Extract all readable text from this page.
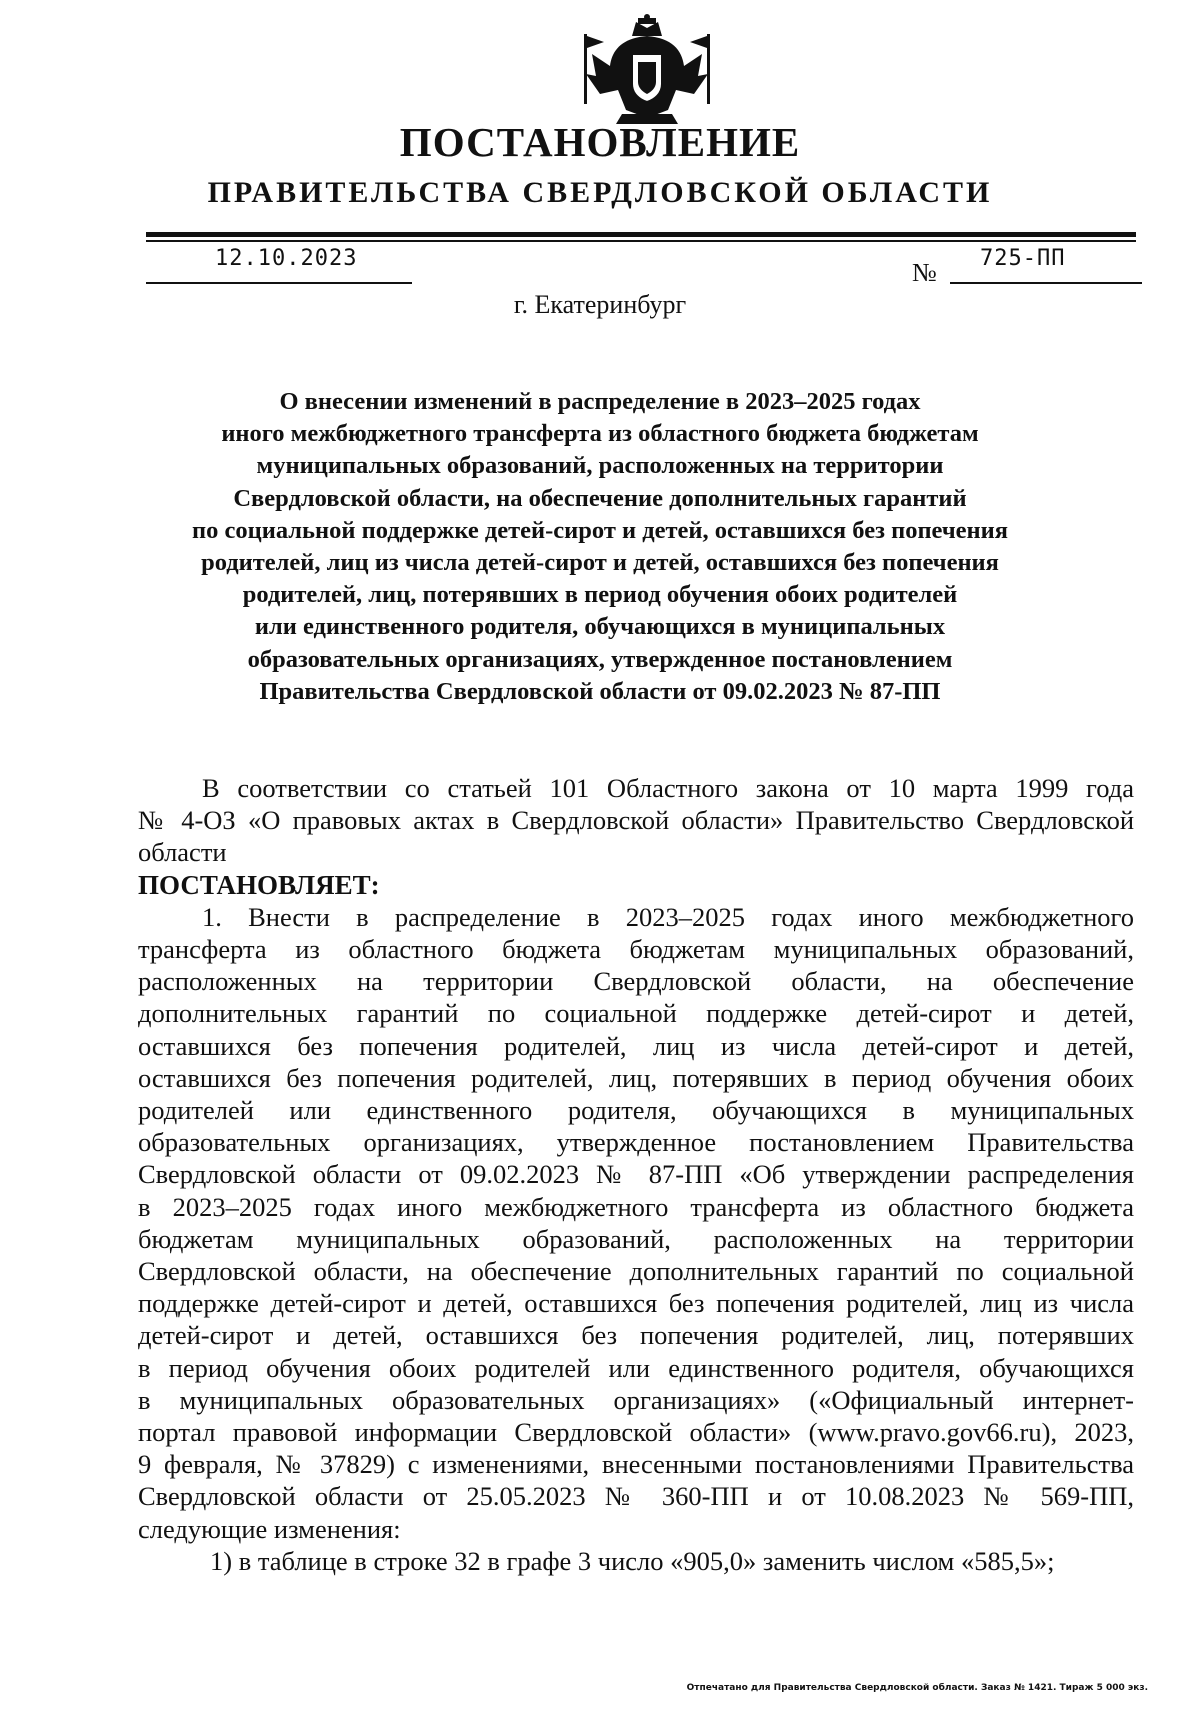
ПОСТАНОВЛЕНИЕ
ПРАВИТЕЛЬСТВА СВЕРДЛОВСКОЙ ОБЛАСТИ
12.10.2023	№ 725-ПП
г. Екатеринбург
О внесении изменений в распределение в 2023–2025 годах
иного межбюджетного трансферта из областного бюджета бюджетам
муниципальных образований, расположенных на территории
Свердловской области, на обеспечение дополнительных гарантий
по социальной поддержке детей-сирот и детей, оставшихся без попечения
родителей, лиц из числа детей-сирот и детей, оставшихся без попечения
родителей, лиц, потерявших в период обучения обоих родителей
или единственного родителя, обучающихся в муниципальных
образовательных организациях, утвержденное постановлением
Правительства Свердловской области от 09.02.2023 № 87-ПП
В соответствии со статьей 101 Областного закона от 10 марта 1999 года
№ 4-ОЗ «О правовых актах в Свердловской области» Правительство Свердловской
области
ПОСТАНОВЛЯЕТ:
1. Внести в распределение в 2023–2025 годах иного межбюджетного
трансферта из областного бюджета бюджетам муниципальных образований,
расположенных на территории Свердловской области, на обеспечение
дополнительных гарантий по социальной поддержке детей-сирот и детей,
оставшихся без попечения родителей, лиц из числа детей-сирот и детей,
оставшихся без попечения родителей, лиц, потерявших в период обучения обоих
родителей или единственного родителя, обучающихся в муниципальных
образовательных организациях, утвержденное постановлением Правительства
Свердловской области от 09.02.2023 № 87-ПП «Об утверждении распределения
в 2023–2025 годах иного межбюджетного трансферта из областного бюджета
бюджетам муниципальных образований, расположенных на территории
Свердловской области, на обеспечение дополнительных гарантий по социальной
поддержке детей-сирот и детей, оставшихся без попечения родителей, лиц из числа
детей-сирот и детей, оставшихся без попечения родителей, лиц, потерявших
в период обучения обоих родителей или единственного родителя, обучающихся
в муниципальных образовательных организациях» («Официальный интернет-
портал правовой информации Свердловской области» (www.pravo.gov66.ru), 2023,
9 февраля, № 37829) с изменениями, внесенными постановлениями Правительства
Свердловской области от 25.05.2023 № 360-ПП и от 10.08.2023 № 569-ПП,
следующие изменения:
1) в таблице в строке 32 в графе 3 число «905,0» заменить числом «585,5»;
Отпечатано для Правительства Свердловской области. Заказ № 1421. Тираж 5 000 экз.
